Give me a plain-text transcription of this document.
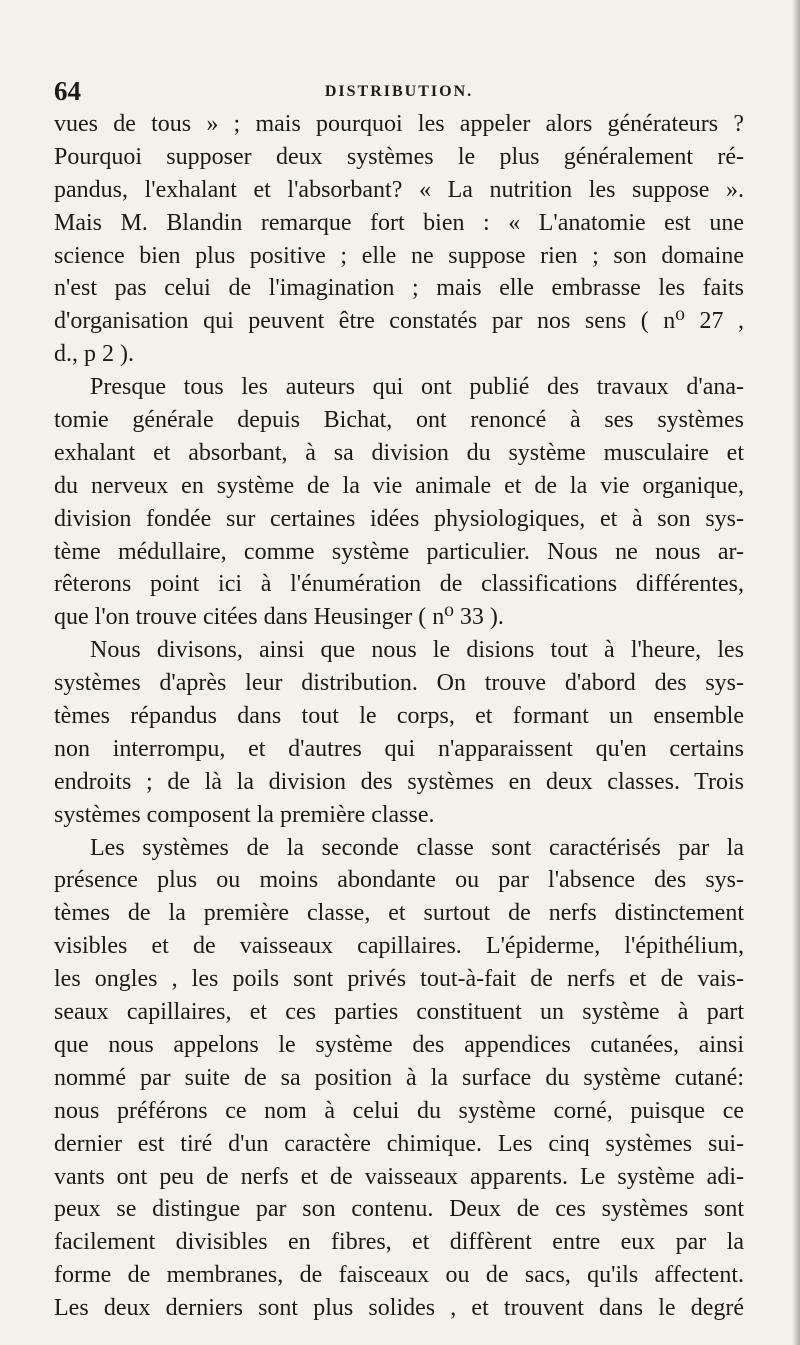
64	DISTRIBUTION.
vues de tous » ; mais pourquoi les appeler alors générateurs ?
Pourquoi supposer deux systèmes le plus généralement ré-
pandus, l'exhalant et l'absorbant? « La nutrition les suppose ».
Mais M. Blandin remarque fort bien : « L'anatomie est une
science bien plus positive ; elle ne suppose rien ; son domaine
n'est pas celui de l'imagination ; mais elle embrasse les faits
d'organisation qui peuvent être constatés par nos sens ( n⁰ 27 ,
d., p 2 ).
Presque tous les auteurs qui ont publié des travaux d'ana-
tomie générale depuis Bichat, ont renoncé à ses systèmes
exhalant et absorbant, à sa division du système musculaire et
du nerveux en système de la vie animale et de la vie organique,
division fondée sur certaines idées physiologiques, et à son sys-
tème médullaire, comme système particulier. Nous ne nous ar-
rêterons point ici à l'énumération de classifications différentes,
que l'on trouve citées dans Heusinger ( n⁰ 33 ).
Nous divisons, ainsi que nous le disions tout à l'heure, les
systèmes d'après leur distribution. On trouve d'abord des sys-
tèmes répandus dans tout le corps, et formant un ensemble
non interrompu, et d'autres qui n'apparaissent qu'en certains
endroits ; de là la division des systèmes en deux classes. Trois
systèmes composent la première classe.
Les systèmes de la seconde classe sont caractérisés par la
présence plus ou moins abondante ou par l'absence des sys-
tèmes de la première classe, et surtout de nerfs distinctement
visibles et de vaisseaux capillaires. L'épiderme, l'épithélium,
les ongles , les poils sont privés tout-à-fait de nerfs et de vais-
seaux capillaires, et ces parties constituent un système à part
que nous appelons le système des appendices cutanées, ainsi
nommé par suite de sa position à la surface du système cutané:
nous préférons ce nom à celui du système corné, puisque ce
dernier est tiré d'un caractère chimique. Les cinq systèmes sui-
vants ont peu de nerfs et de vaisseaux apparents. Le système adi-
peux se distingue par son contenu. Deux de ces systèmes sont
facilement divisibles en fibres, et diffèrent entre eux par la
forme de membranes, de faisceaux ou de sacs, qu'ils affectent.
Les deux derniers sont plus solides , et trouvent dans le degré
